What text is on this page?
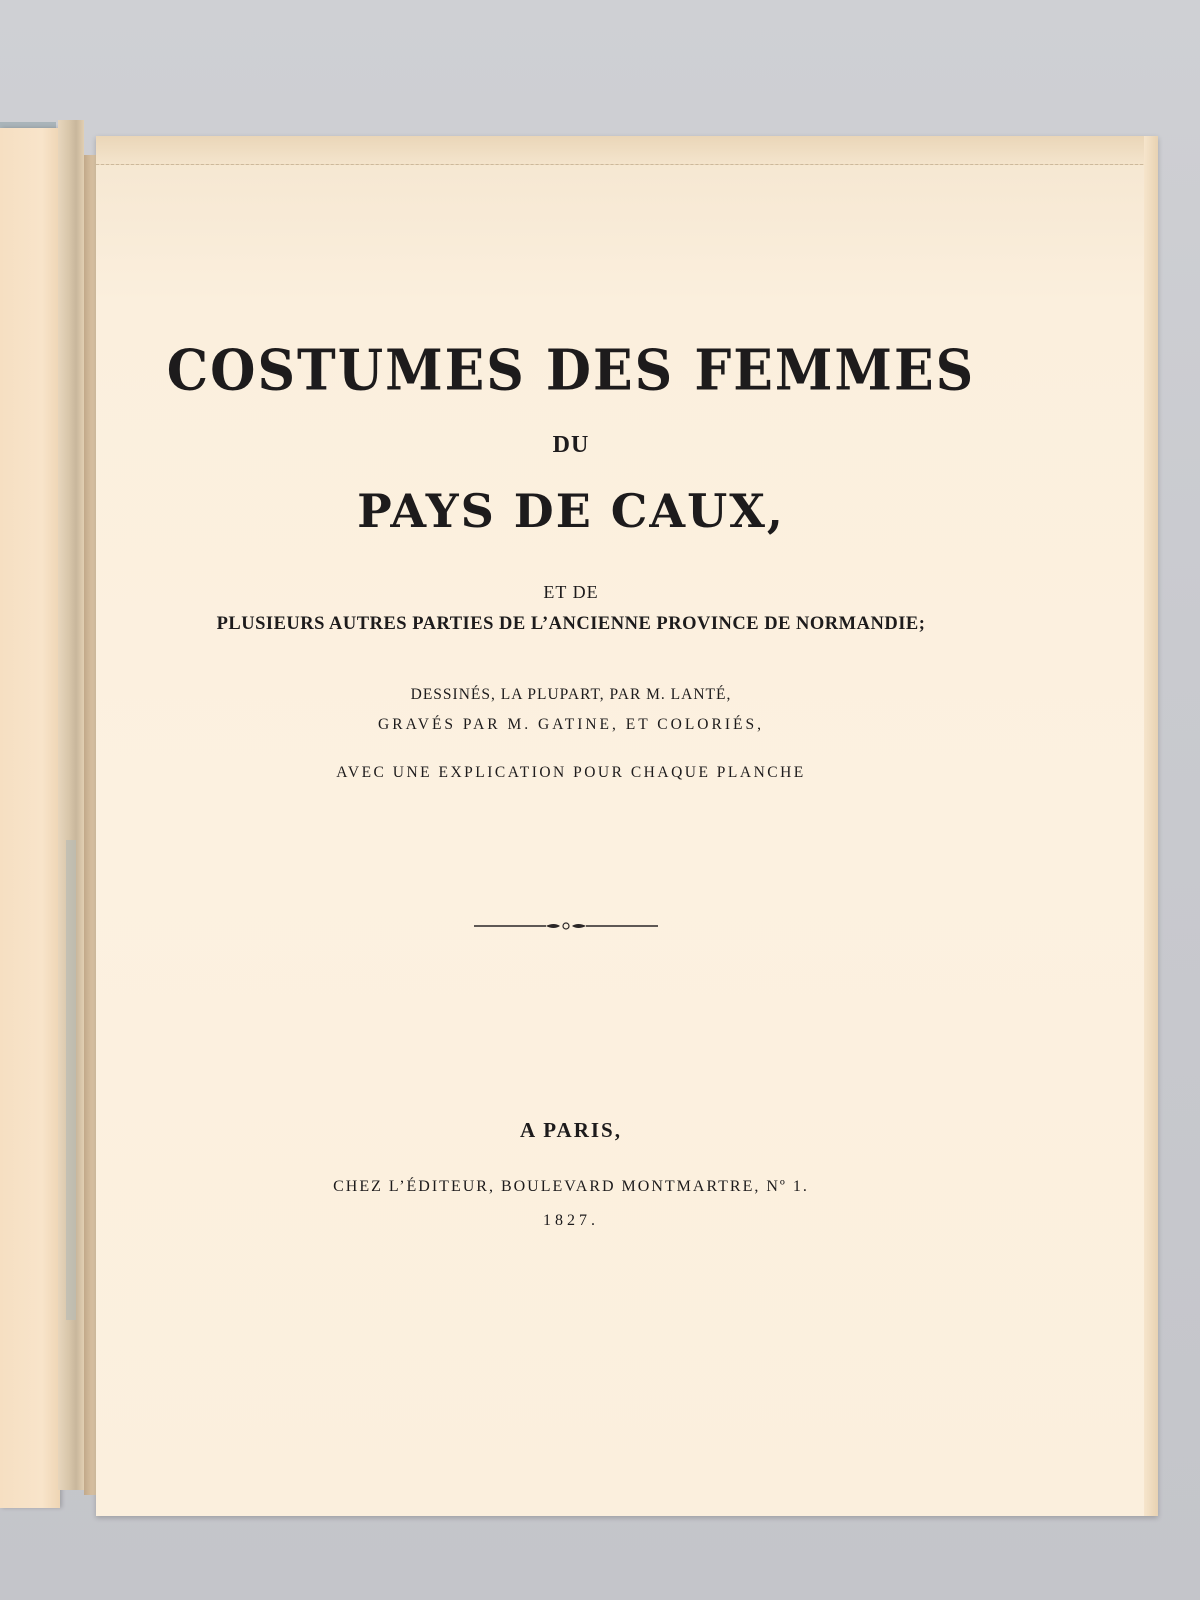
COSTUMES DES FEMMES
DU
PAYS DE CAUX,
ET DE
PLUSIEURS AUTRES PARTIES DE L’ANCIENNE PROVINCE DE NORMANDIE;
DESSINÉS, LA PLUPART, PAR M. LANTÉ,
GRAVÉS PAR M. GATINE, ET COLORIÉS,
AVEC UNE EXPLICATION POUR CHAQUE PLANCHE
A PARIS,
CHEZ L’ÉDITEUR, BOULEVARD MONTMARTRE, Nº 1.
1827.
